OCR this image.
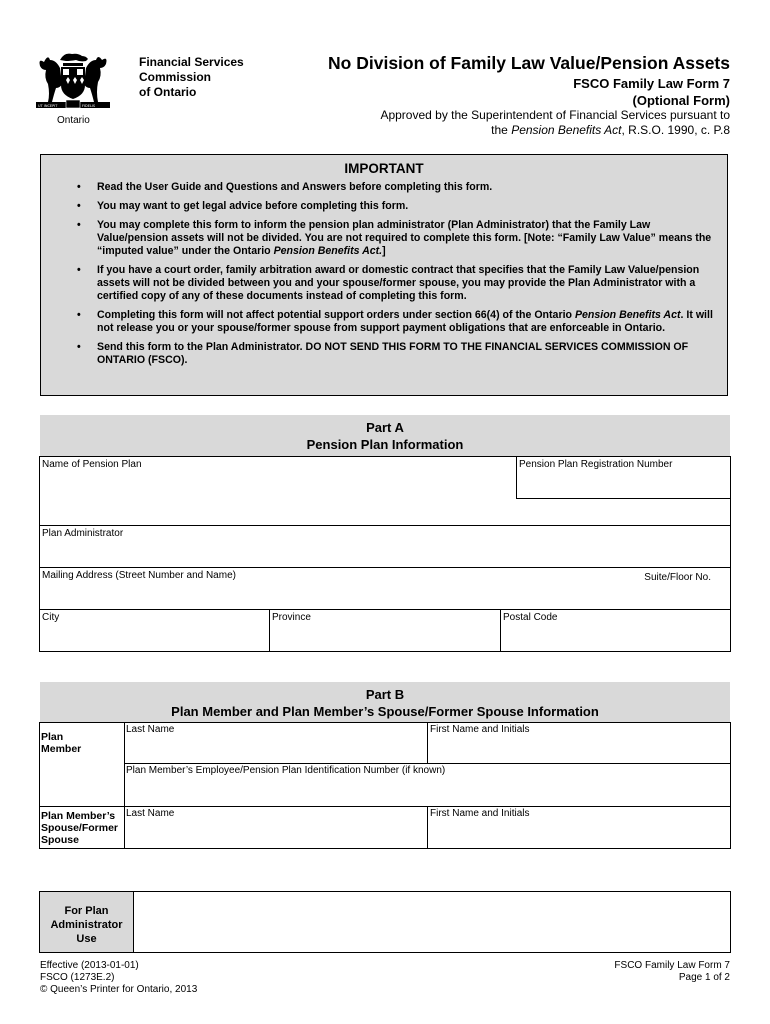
UT INCEPIT	FIDELIS
Ontario
Financial Services
Commission
of Ontario
No Division of Family Law Value/Pension Assets
FSCO Family Law Form 7
(Optional Form)
Approved by the Superintendent of Financial Services pursuant to
the Pension Benefits Act, R.S.O. 1990, c. P.8
IMPORTANT
• Read the User Guide and Questions and Answers before completing this form.
• You may want to get legal advice before completing this form.
• You may complete this form to inform the pension plan administrator (Plan Administrator) that the Family Law Value/pension assets will not be divided. You are not required to complete this form. [Note: “Family Law Value” means the “imputed value” under the Ontario Pension Benefits Act.]
• If you have a court order, family arbitration award or domestic contract that specifies that the Family Law Value/pension assets will not be divided between you and your spouse/former spouse, you may provide the Plan Administrator with a certified copy of any of these documents instead of completing this form.
• Completing this form will not affect potential support orders under section 66(4) of the Ontario Pension Benefits Act. It will not release you or your spouse/former spouse from support payment obligations that are enforceable in Ontario.
• Send this form to the Plan Administrator. DO NOT SEND THIS FORM TO THE FINANCIAL SERVICES COMMISSION OF ONTARIO (FSCO).
Part A
Pension Plan Information
Name of Pension Plan	Pension Plan Registration Number
Plan Administrator
Mailing Address (Street Number and Name)	Suite/Floor No.
City	Province	Postal Code
Part B
Plan Member and Plan Member’s Spouse/Former Spouse Information
Plan
Member
Last Name	First Name and Initials
Plan Member’s Employee/Pension Plan Identification Number (if known)
Plan Member’s
Spouse/Former
Spouse
Last Name	First Name and Initials
For Plan
Administrator
Use
Effective (2013-01-01)
FSCO (1273E.2)
© Queen’s Printer for Ontario, 2013
FSCO Family Law Form 7
Page 1 of 2
